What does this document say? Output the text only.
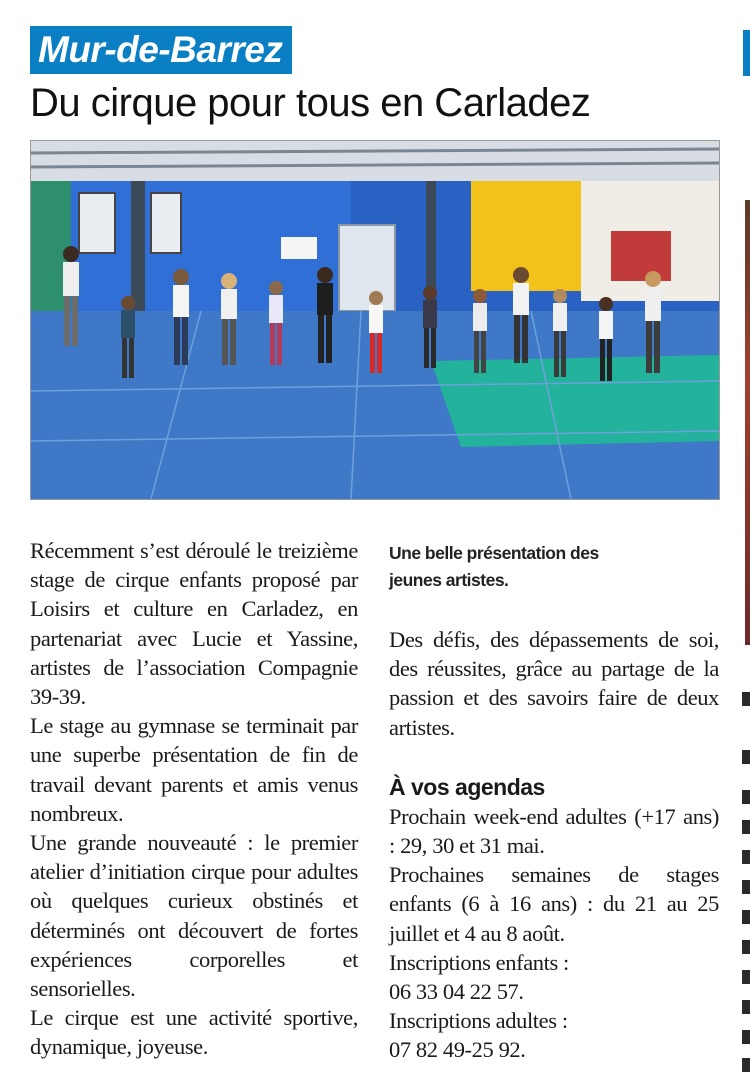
Mur-de-Barrez
Du cirque pour tous en Carladez

Récemment s’est déroulé le treizième stage de cirque enfants proposé par Loisirs et culture en Carladez, en partenariat avec Lucie et Yassine, artistes de l’association Compagnie 39-39.

Le stage au gymnase se terminait par une superbe présentation de fin de travail devant parents et amis venus nombreux.

Une grande nouveauté : le premier atelier d’initiation cirque pour adultes où quelques curieux obstinés et déterminés ont découvert de fortes expériences corporelles et sensorielles.

Le cirque est une activité sportive, dynamique, joyeuse.

Une belle présentation des jeunes artistes.

Des défis, des dépassements de soi, des réussites, grâce au partage de la passion et des savoirs faire de deux artistes.

À vos agendas

Prochain week-end adultes (+17 ans) : 29, 30 et 31 mai.

Prochaines semaines de stages enfants (6 à 16 ans) : du 21 au 25 juillet et 4 au 8 août.

Inscriptions enfants :

06 33 04 22 57.

Inscriptions adultes :

07 82 49-25 92.
